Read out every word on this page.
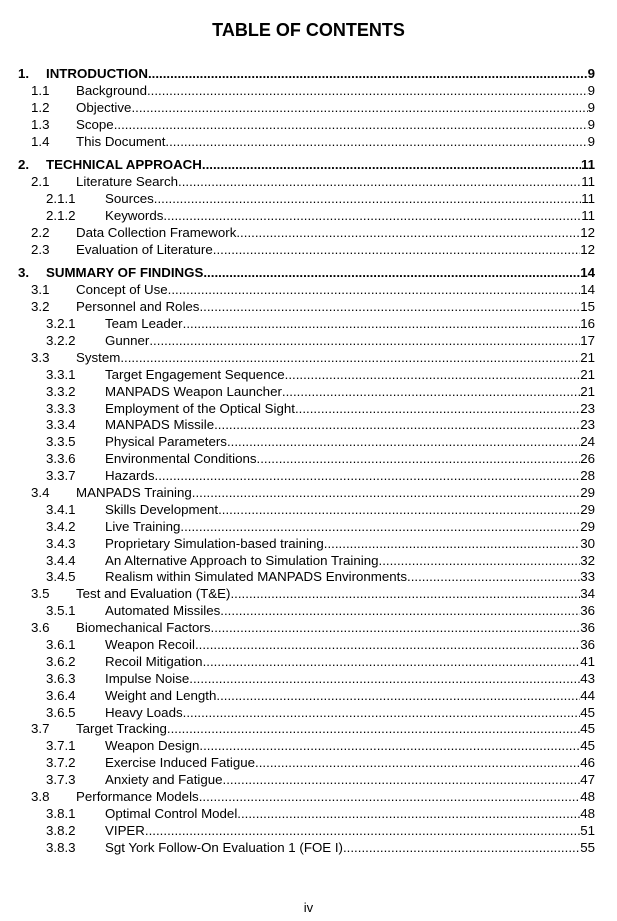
TABLE OF CONTENTS
1. INTRODUCTION .....	9
1.1 Background .....	9
1.2 Objective .....	9
1.3 Scope .....	9
1.4 This Document .....	9
2. TECHNICAL APPROACH .....	11
2.1 Literature Search .....	11
2.1.1 Sources .....	11
2.1.2 Keywords .....	11
2.2 Data Collection Framework .....	12
2.3 Evaluation of Literature .....	12
3. SUMMARY OF FINDINGS .....	14
3.1 Concept of Use .....	14
3.2 Personnel and Roles .....	15
3.2.1 Team Leader .....	16
3.2.2 Gunner .....	17
3.3 System .....	21
3.3.1 Target Engagement Sequence .....	21
3.3.2 MANPADS Weapon Launcher .....	21
3.3.3 Employment of the Optical Sight .....	23
3.3.4 MANPADS Missile .....	23
3.3.5 Physical Parameters .....	24
3.3.6 Environmental Conditions .....	26
3.3.7 Hazards .....	28
3.4 MANPADS Training .....	29
3.4.1 Skills Development .....	29
3.4.2 Live Training .....	29
3.4.3 Proprietary Simulation-based training .....	30
3.4.4 An Alternative Approach to Simulation Training .....	32
3.4.5 Realism within Simulated MANPADS Environments .....	33
3.5 Test and Evaluation (T&E) .....	34
3.5.1 Automated Missiles .....	36
3.6 Biomechanical Factors .....	36
3.6.1 Weapon Recoil .....	36
3.6.2 Recoil Mitigation .....	41
3.6.3 Impulse Noise .....	43
3.6.4 Weight and Length .....	44
3.6.5 Heavy Loads .....	45
3.7 Target Tracking .....	45
3.7.1 Weapon Design .....	45
3.7.2 Exercise Induced Fatigue .....	46
3.7.3 Anxiety and Fatigue .....	47
3.8 Performance Models .....	48
3.8.1 Optimal Control Model .....	48
3.8.2 VIPER .....	51
3.8.3 Sgt York Follow-On Evaluation 1 (FOE I) .....	55
iv
